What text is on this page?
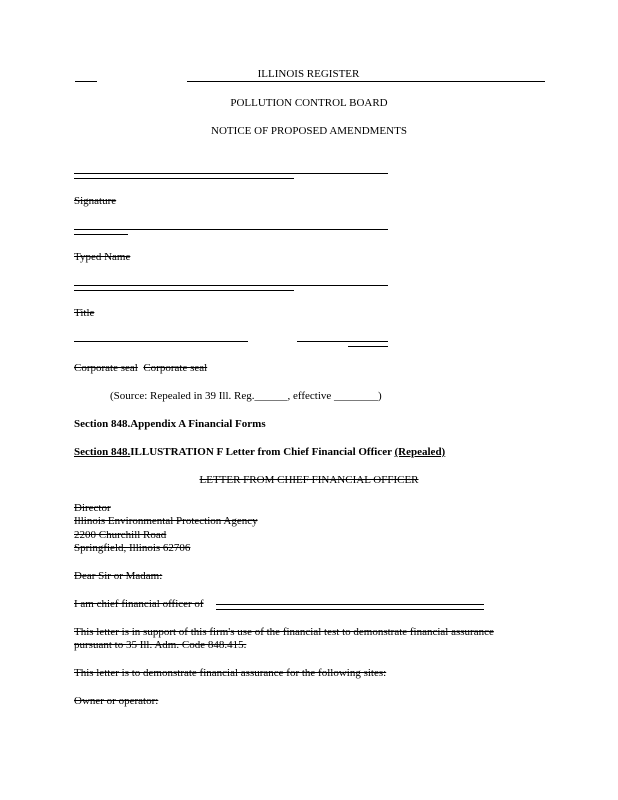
ILLINOIS REGISTER
POLLUTION CONTROL BOARD
NOTICE OF PROPOSED AMENDMENTS
Signature
Typed Name
Title
Corporate seal Corporate seal
(Source: Repealed in 39 Ill. Reg.______, effective ________)
Section 848.Appendix A Financial Forms
Section 848.ILLUSTRATION F Letter from Chief Financial Officer (Repealed)
LETTER FROM CHIEF FINANCIAL OFFICER
Director
Illinois Environmental Protection Agency
2200 Churchill Road
Springfield, Illinois 62706
Dear Sir or Madam:
I am chief financial officer of
This letter is in support of this firm's use of the financial test to demonstrate financial assurance
pursuant to 35 Ill. Adm. Code 848.415.
This letter is to demonstrate financial assurance for the following sites:
Owner or operator:
